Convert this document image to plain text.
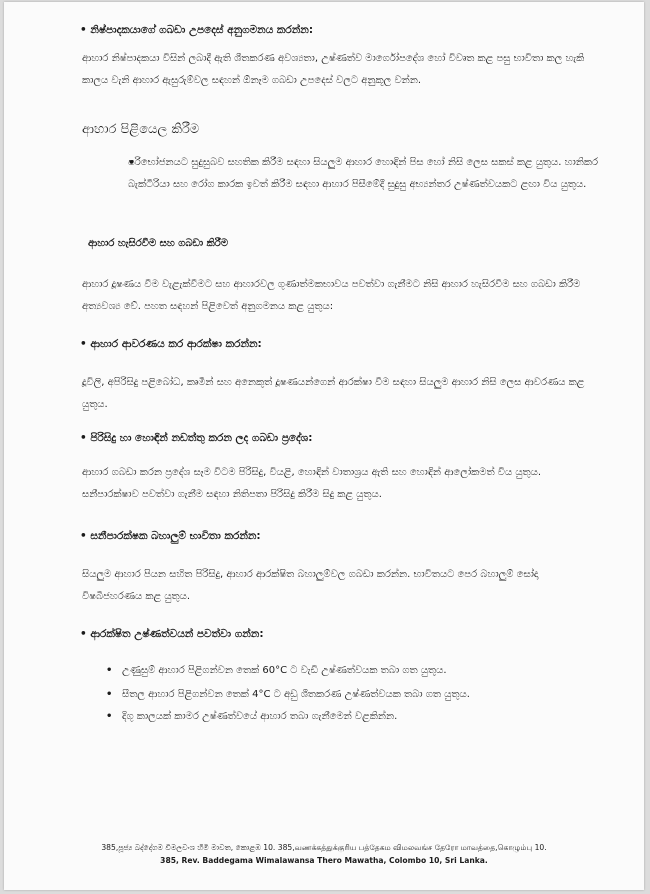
• නිෂ්පාදකයාගේ ගබඩා උපදෙස් අනුගමනය කරන්න:
ආහාර නිෂ්පාදකයා විසින් ලබාදී ඇති ශීතකරණ අවශ්‍යතා, උෂ්ණත්ව මාර්ගෝපදේශ හෝ විවෘත කළ පසු භාවිතා කල හැකි කාලය වැනි ආහාර ඇසුරුම්වල සඳහන් ඕනෑම ගබඩා උපදෙස් වලට අනුකූල වන්න.
ආහාර පිළියෙල කිරීම
• පරිභෝජනයට සුදුසුබව සහතික කිරීම සඳහා සියලුම ආහාර හොඳින් පිස හෝ නිසි ලෙස සකස් කළ යුතුය. හානිකර බැක්ටීරියා සහ රෝග කාරක ඉවත් කිරීම සඳහා ආහාර පිසීමේදී සුදුසු අභ්‍යන්තර උෂ්ණත්වයකට ළඟා විය යුතුය.
ආහාර හැසිරවීම සහ ගබඩා කිරීම
ආහාර දූෂණය වීම වැළැක්වීමට සහ ආහාරවල ගුණාත්මකභාවය පවත්වා ගැනීමට නිසි ආහාර හැසිරවීම සහ ගබඩා කිරීම අත්‍යවශ්‍ය වේ. පහත සඳහන් පිළිවෙත් අනුගමනය කළ යුතුය:
• ආහාර ආවරණය කර ආරක්ෂා කරන්න:
දූවිලි, අපිරිසිදු පළිබෝධ, කෘමීන් සහ අනෙකුත් දූෂණයන්ගෙන් ආරක්ෂා වීම සඳහා සියලුම ආහාර නිසි ලෙස ආවරණය කළ යුතුය.
• පිරිසිදු හා හොඳින් නඩත්තු කරන ලද ගබඩා ප්‍රදේශ:
ආහාර ගබඩා කරන ප්‍රදේශ සෑම විටම පිරිසිදු, වියළි, හොඳින් වාතාශ්‍රය ඇති සහ හොඳින් ආලෝකමත් විය යුතුය. සනීපාරක්ෂාව පවත්වා ගැනීම සඳහා නිතිපතා පිරිසිදු කිරීම සිදු කළ යුතුය.
• සනීපාරක්ෂක බහාලුම් භාවිතා කරන්න:
සියලුම ආහාර පියන සහිත පිරිසිදු, ආහාර ආරක්ෂිත බහාලුම්වල ගබඩා කරන්න. භාවිතයට පෙර බහාලුම් සෝදා විෂබීජහරණය කළ යුතුය.
• ආරක්ෂිත උෂ්ණත්වයන් පවත්වා ගන්න:
• උණුසුම් ආහාර පිළිගන්වන තෙක් 60°C ට වැඩි උෂ්ණත්වයක තබා ගත යුතුය.
• සීතල ආහාර පිළිගන්වන තෙක් 4°C ට අඩු ශීතකරණ උෂ්ණත්වයක තබා ගත යුතුය.
• දිගු කාලයක් කාමර උෂ්ණත්වයේ ආහාර තබා ගැනීමෙන් වළකින්න.
385,පූජ්‍ය බද්දේගම විමලවංශ හිමි මාවත, කොළඹ 10. 385,வணக்கத்துக்குரிய பத்தேகம விமலவங்ச தேரோ மாவத்தை,கொழும்பு 10.
385, Rev. Baddegama Wimalawansa Thero Mawatha, Colombo 10, Sri Lanka.
